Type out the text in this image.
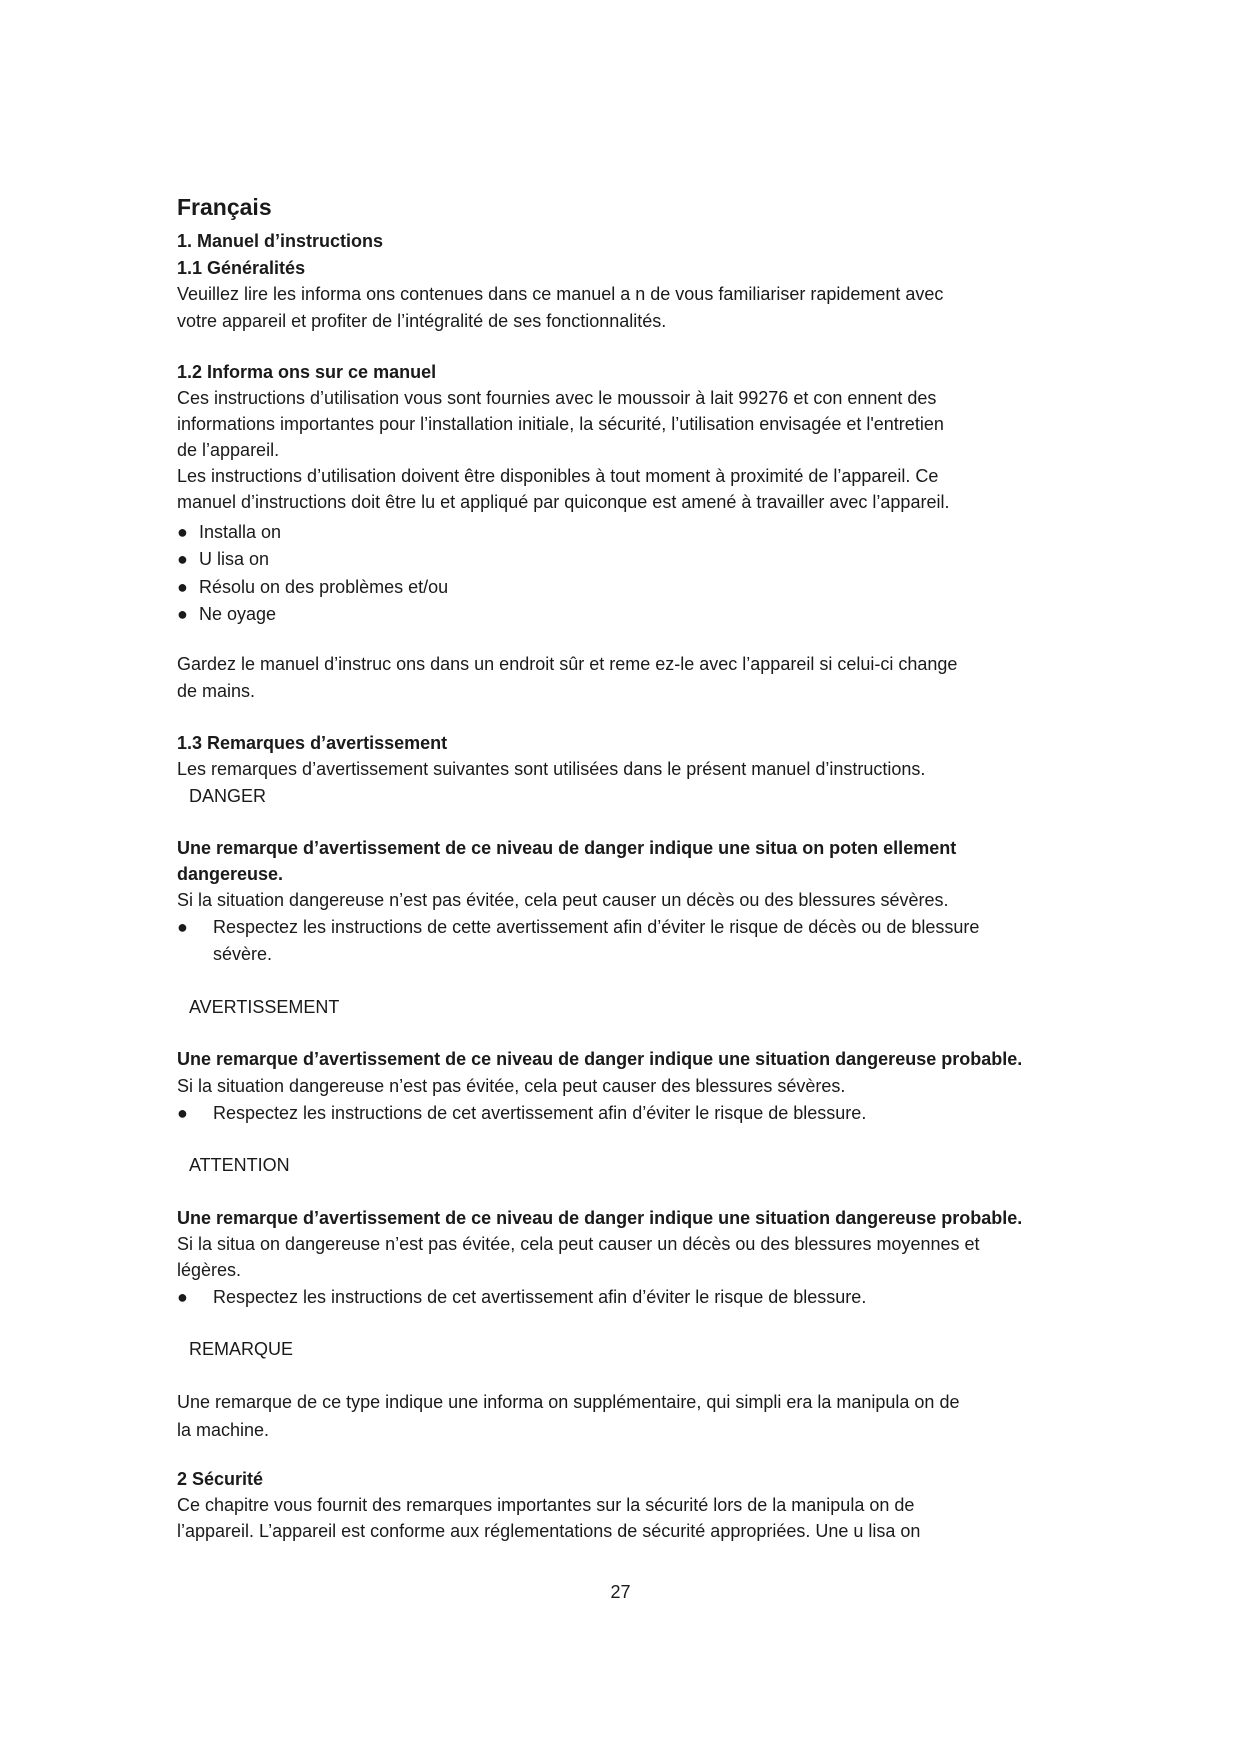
Français
1. Manuel d’instructions
1.1 Généralités
Veuillez lire les informa ons contenues dans ce manuel a n de vous familiariser rapidement avec
votre appareil et profiter de l’intégralité de ses fonctionnalités.
1.2 Informa ons sur ce manuel
Ces instructions d’utilisation vous sont fournies avec le moussoir à lait 99276 et con ennent des
informations importantes pour l’installation initiale, la sécurité, l’utilisation envisagée et l'entretien
de l’appareil.
Les instructions d’utilisation doivent être disponibles à tout moment à proximité de l’appareil. Ce
manuel d’instructions doit être lu et appliqué par quiconque est amené à travailler avec l’appareil.
● Installa on
● U lisa on
● Résolu on des problèmes et/ou
● Ne oyage
Gardez le manuel d’instruc ons dans un endroit sûr et reme ez-le avec l’appareil si celui-ci change
de mains.
1.3 Remarques d’avertissement
Les remarques d’avertissement suivantes sont utilisées dans le présent manuel d’instructions.
DANGER
Une remarque d’avertissement de ce niveau de danger indique une situa on poten ellement
dangereuse.
Si la situation dangereuse n’est pas évitée, cela peut causer un décès ou des blessures sévères.
● Respectez les instructions de cette avertissement afin d’éviter le risque de décès ou de blessure
sévère.
AVERTISSEMENT
Une remarque d’avertissement de ce niveau de danger indique une situation dangereuse probable.
Si la situation dangereuse n’est pas évitée, cela peut causer des blessures sévères.
● Respectez les instructions de cet avertissement afin d’éviter le risque de blessure.
ATTENTION
Une remarque d’avertissement de ce niveau de danger indique une situation dangereuse probable.
Si la situa on dangereuse n’est pas évitée, cela peut causer un décès ou des blessures moyennes et
légères.
● Respectez les instructions de cet avertissement afin d’éviter le risque de blessure.
REMARQUE
Une remarque de ce type indique une informa on supplémentaire, qui simpli era la manipula on de
la machine.
2 Sécurité
Ce chapitre vous fournit des remarques importantes sur la sécurité lors de la manipula on de
l’appareil. L’appareil est conforme aux réglementations de sécurité appropriées. Une u lisa on
27
